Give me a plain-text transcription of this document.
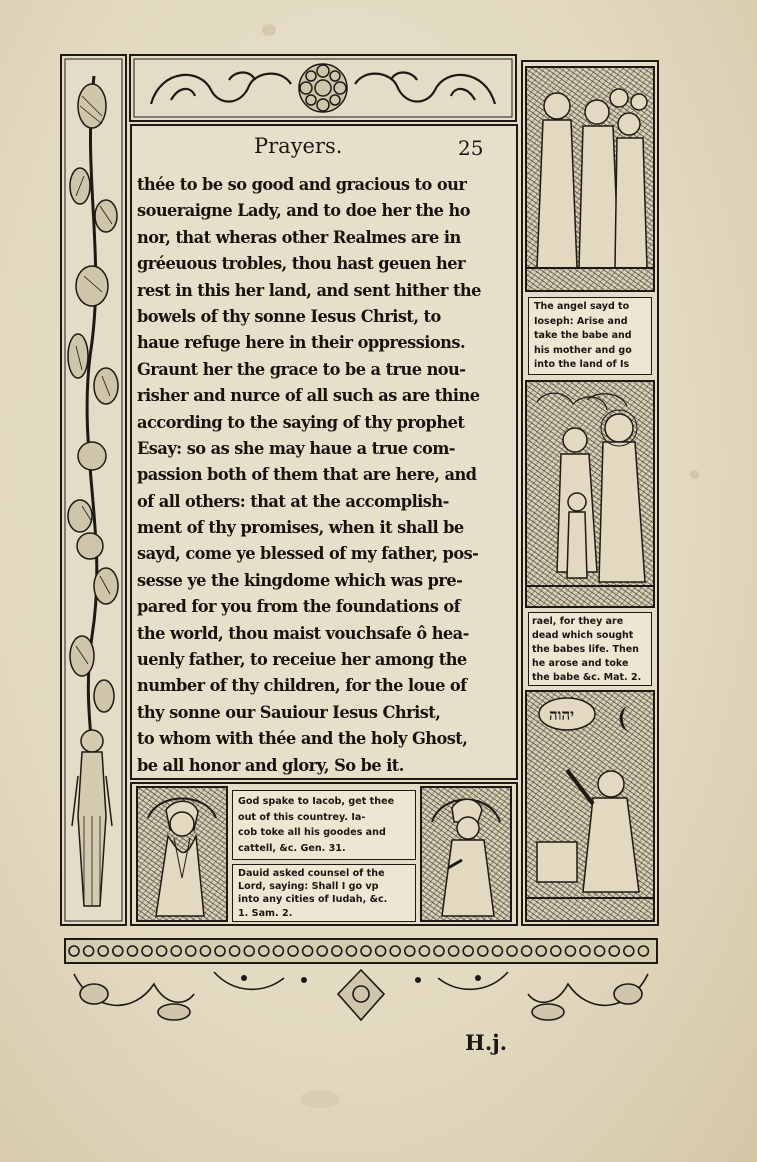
Prayers.	25
thée to be so good and gracious to our
soueraigne Lady, and to doe her the ho
nor, that wheras other Realmes are in
gréeuous trobles, thou hast geuen her
rest in this her land, and sent hither the
bowels of thy sonne Iesus Christ, to
haue refuge here in their oppressions.
Graunt her the grace to be a true nou-
risher and nurce of all such as are thine
according to the saying of thy prophet
Esay: so as she may haue a true com-
passion both of them that are here, and
of all others: that at the accomplish-
ment of thy promises, when it shall be
sayd, come ye blessed of my father, pos-
sesse ye the kingdome which was pre-
pared for you from the foundations of
the world, thou maist vouchsafe ô hea-
uenly father, to receiue her among the
number of thy children, for the loue of
thy sonne our Sauiour Iesus Christ,
to whom with thée and the holy Ghost,
be all honor and glory, So be it.
The angel sayd to
Ioseph: Arise and
take the babe and
his mother and go
into the land of Is
rael, for they are
dead which sought
the babes life. Then
he arose and toke
the babe &c. Mat. 2.
יהוה
God spake to Iacob, get thee
out of this countrey. Ia-
cob toke all his goodes and
cattell, &c. Gen. 31.
Dauid asked counsel of the
Lord, saying: Shall I go vp
into any cities of Iudah, &c.
1. Sam. 2.
H.j.
